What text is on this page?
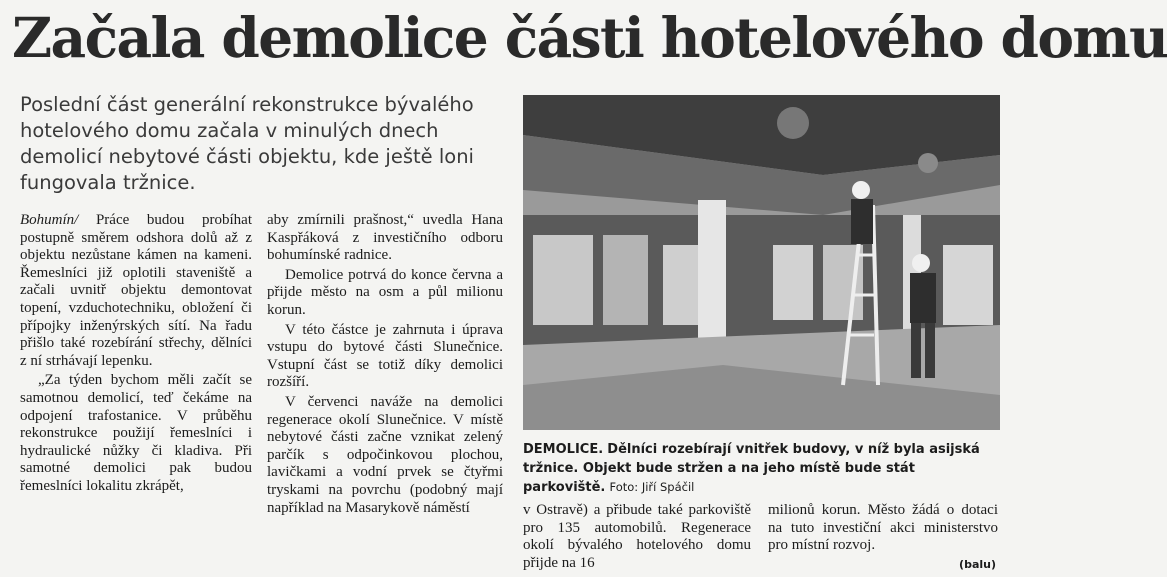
Začala demolice části hotelového domu

Poslední část generální rekonstrukce bývalého hotelového domu začala v minulých dnech demolicí nebytové části objektu, kde ještě loni fungovala tržnice.

Bohumín/ Práce budou probíhat postupně směrem odshora dolů až z objektu nezůstane kámen na kameni. Řemeslníci již oplotili staveniště a začali uvnitř objektu demontovat topení, vzduchotechniku, obložení či přípojky inženýrských sítí. Na řadu přišlo také rozebírání střechy, dělníci z ní strhávají lepenku.

„Za týden bychom měli začít se samotnou demolicí, teď čekáme na odpojení trafostanice. V průběhu rekonstrukce použijí řemeslníci i hydraulické nůžky či kladiva. Při samotné demolici pak budou řemeslníci lokalitu zkrápět,

aby zmírnili prašnost,“ uvedla Hana Kaspřáková z investičního odboru bohumínské radnice.

Demolice potrvá do konce června a přijde město na osm a půl milionu korun.

V této částce je zahrnuta i úprava vstupu do bytové části Slunečnice. Vstupní část se totiž díky demolici rozšíří.

V červenci naváže na demolici regenerace okolí Slunečnice. V místě nebytové části začne vznikat zelený parčík s odpočinkovou plochou, lavičkami a vodní prvek se čtyřmi tryskami na povrchu (podobný mají například na Masarykově náměstí

DEMOLICE. Dělníci rozebírají vnitřek budovy, v níž byla asijská tržnice. Objekt bude stržen a na jeho místě bude stát parkoviště. Foto: Jiří Spáčil

v Ostravě) a přibude také parkoviště pro 135 automobilů. Regenerace okolí bývalého hotelového domu přijde na 16

milionů korun. Město žádá o dotaci na tuto investiční akci ministerstvo pro místní rozvoj.

(balu)
